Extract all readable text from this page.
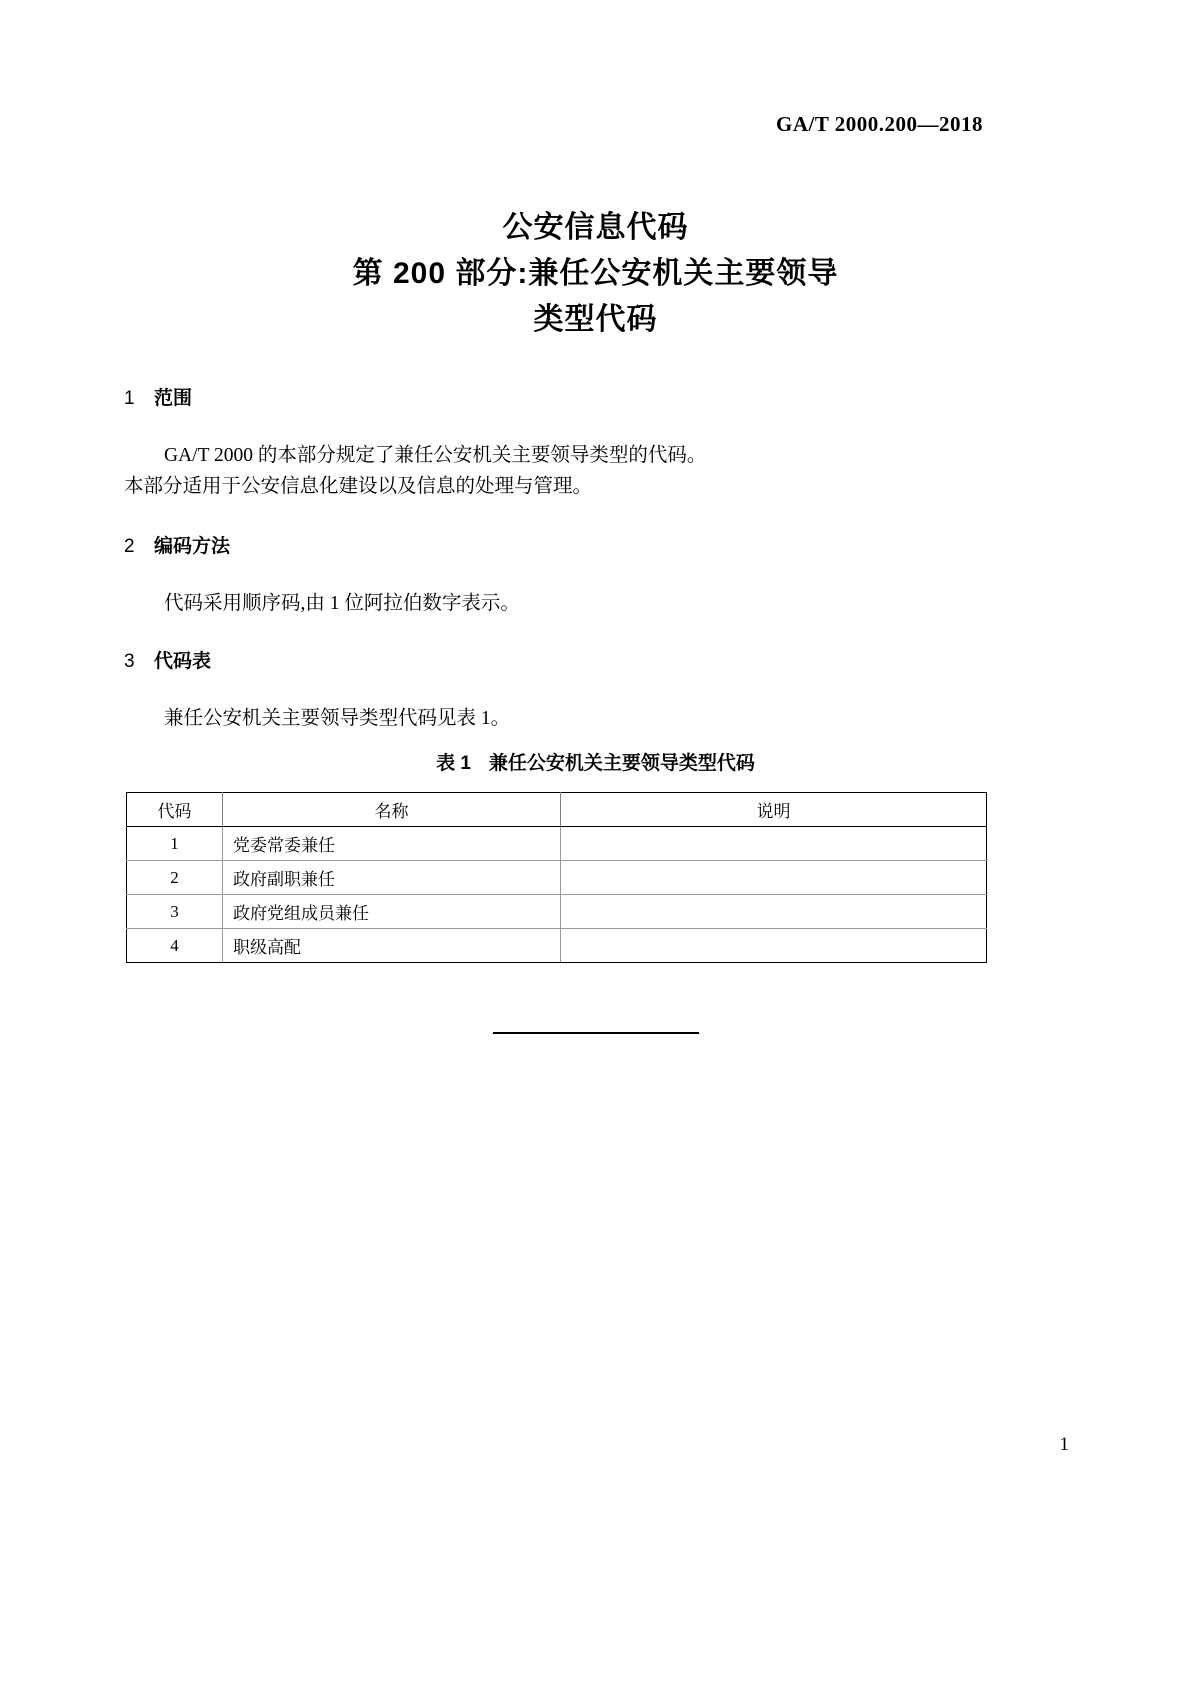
GA/T 2000.200—2018
公安信息代码
第 200 部分:兼任公安机关主要领导
类型代码
1 范围
GA/T 2000 的本部分规定了兼任公安机关主要领导类型的代码。
本部分适用于公安信息化建设以及信息的处理与管理。
2 编码方法
代码采用顺序码,由 1 位阿拉伯数字表示。
3 代码表
兼任公安机关主要领导类型代码见表 1。
表 1 兼任公安机关主要领导类型代码
代码	名称	说明
1	党委常委兼任	
2	政府副职兼任	
3	政府党组成员兼任	
4	职级高配	
1
